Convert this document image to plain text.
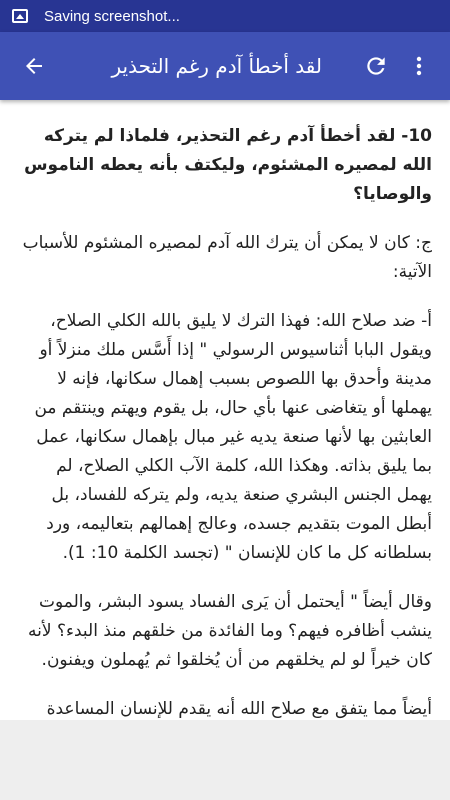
Saving screenshot...
لقد أخطأ آدم رغم التحذير

10- لقد أخطأ آدم رغم التحذير، فلماذا لم يتركه الله لمصيره المشئوم، وليكتف بأنه يعطه الناموس والوصايا؟

ج: كان لا يمكن أن يترك الله آدم لمصيره المشئوم للأسباب الآتية:

أ- ضد صلاح الله: فهذا الترك لا يليق بالله الكلي الصلاح، ويقول البابا أثناسيوس الرسولي " إذا أَسَّس ملك منزلاً أو مدينة وأحدق بها اللصوص بسبب إهمال سكانها، فإنه لا يهملها أو يتغاضى عنها بأي حال، بل يقوم ويهتم وينتقم من العابثين بها لأنها صنعة يديه غير مبال بإهمال سكانها، عمل بما يليق بذاته. وهكذا الله، كلمة الآب الكلي الصلاح، لم يهمل الجنس البشري صنعة يديه، ولم يتركه للفساد، بل أبطل الموت بتقديم جسده، وعالج إهمالهم بتعاليمه، ورد بسلطانه كل ما كان للإنسان " (تجسد الكلمة 10: 1).

وقال أيضاً " أيحتمل أن يَرى الفساد يسود البشر، والموت ينشب أظافره فيهم؟ وما الفائدة من خلقهم منذ البدء؟ لأنه كان خيراً لو لم يخلقهم من أن يُخلقوا ثم يُهملون ويفنون.

أيضاً مما يتفق مع صلاح الله أنه يقدم للإنسان المساعدة
